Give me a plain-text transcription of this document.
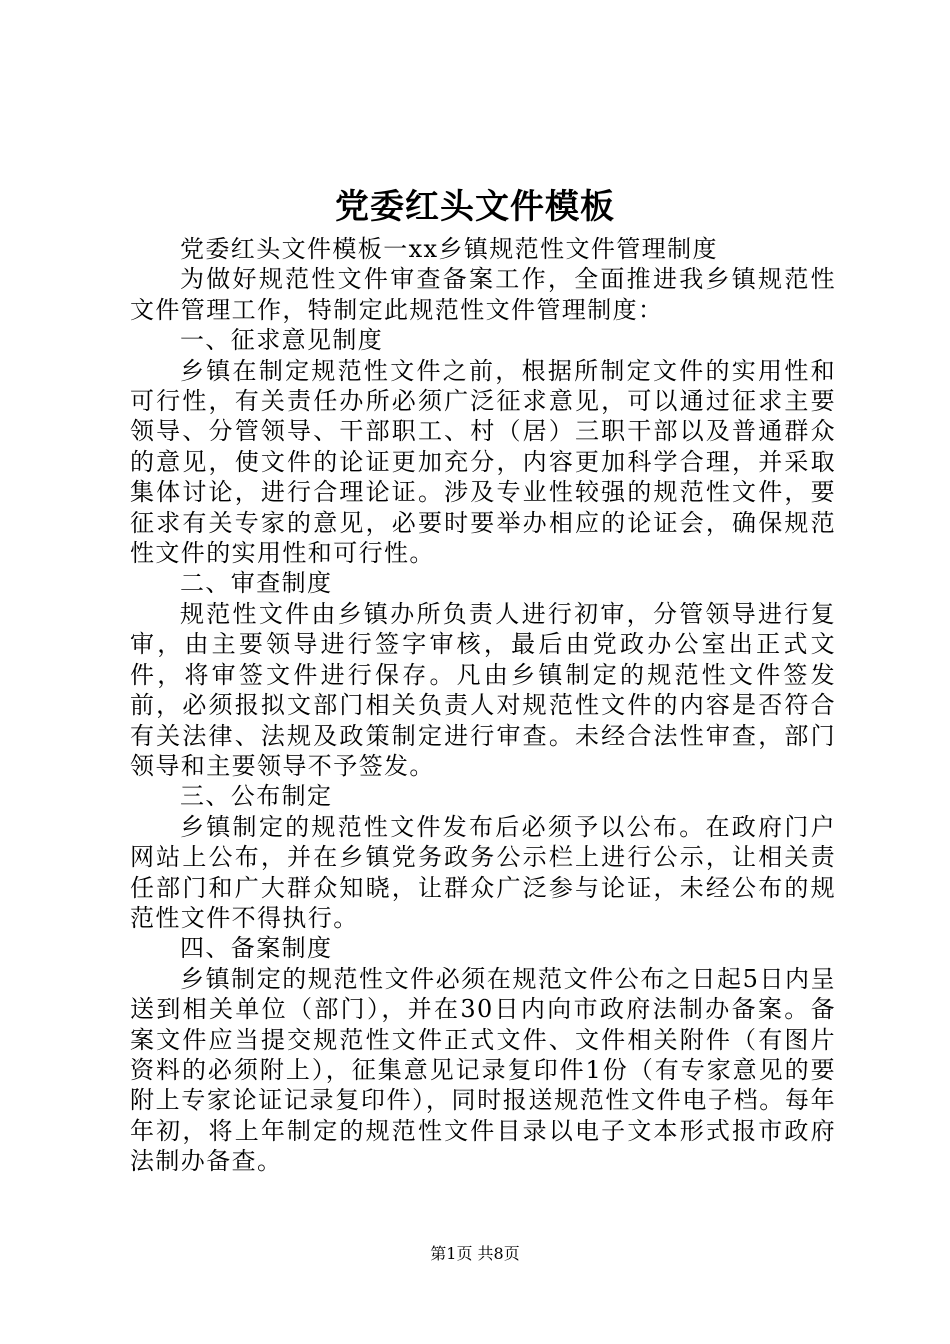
党委红头文件模板

党委红头文件模板一xx乡镇规范性文件管理制度

为做好规范性文件审查备案工作，全面推进我乡镇规范性文件管理工作，特制定此规范性文件管理制度：

一、征求意见制度

乡镇在制定规范性文件之前，根据所制定文件的实用性和可行性，有关责任办所必须广泛征求意见，可以通过征求主要领导、分管领导、干部职工、村（居）三职干部以及普通群众的意见，使文件的论证更加充分，内容更加科学合理，并采取集体讨论，进行合理论证。涉及专业性较强的规范性文件，要征求有关专家的意见，必要时要举办相应的论证会，确保规范性文件的实用性和可行性。

二、审查制度

规范性文件由乡镇办所负责人进行初审，分管领导进行复审，由主要领导进行签字审核，最后由党政办公室出正式文件，将审签文件进行保存。凡由乡镇制定的规范性文件签发前，必须报拟文部门相关负责人对规范性文件的内容是否符合有关法律、法规及政策制定进行审查。未经合法性审查，部门领导和主要领导不予签发。

三、公布制定

乡镇制定的规范性文件发布后必须予以公布。在政府门户网站上公布，并在乡镇党务政务公示栏上进行公示，让相关责任部门和广大群众知晓，让群众广泛参与论证，未经公布的规范性文件不得执行。

四、备案制度

乡镇制定的规范性文件必须在规范文件公布之日起5日内呈送到相关单位（部门），并在30日内向市政府法制办备案。备案文件应当提交规范性文件正式文件、文件相关附件（有图片资料的必须附上），征集意见记录复印件1份（有专家意见的要附上专家论证记录复印件），同时报送规范性文件电子档。每年年初，将上年制定的规范性文件目录以电子文本形式报市政府法制办备查。

第1页 共8页
